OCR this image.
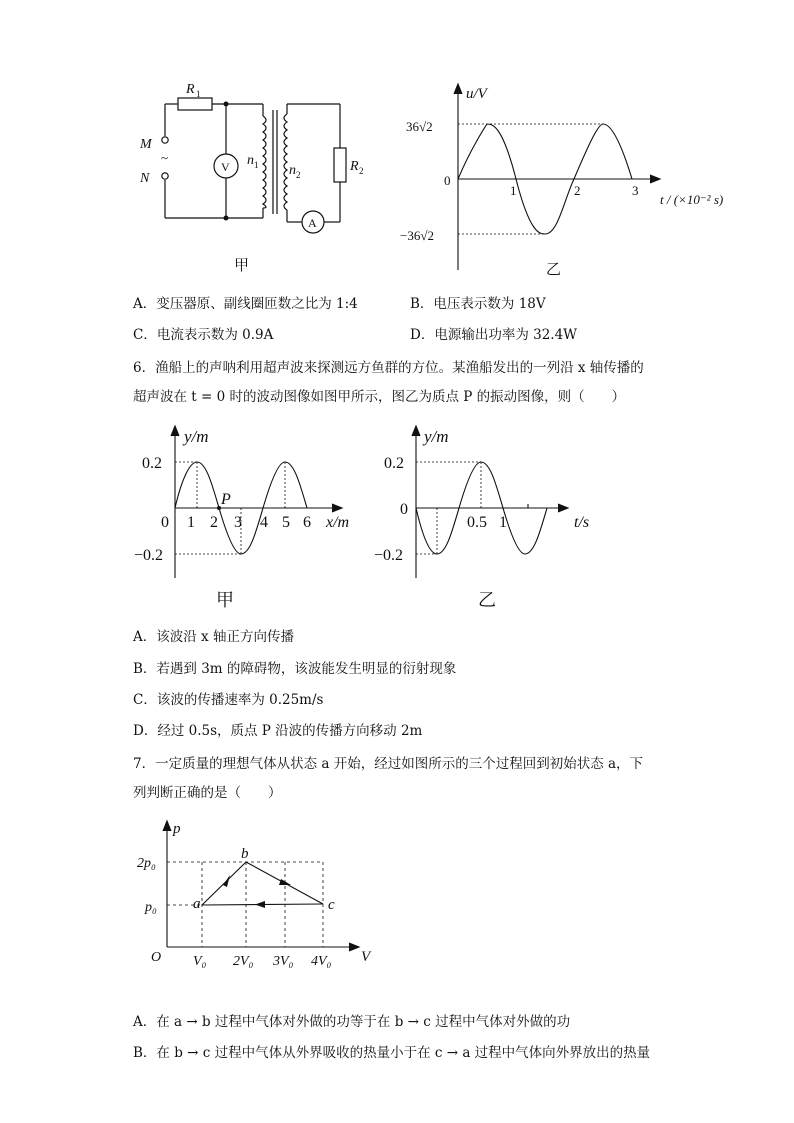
R 1
M
~
N
V n 1 n 2
R 2
A
甲
u/V
36√2
−36√2
0
1	2	3
t / (×10⁻² s)
乙
A．变压器原、副线圈匝数之比为 1:4	B．电压表示数为 18V
C．电流表示数为 0.9A	D．电源输出功率为 32.4W
6．渔船上的声呐利用超声波来探测远方鱼群的方位。某渔船发出的一列沿 x 轴传播的
超声波在 t = 0 时的波动图像如图甲所示，图乙为质点 P 的振动图像，则（　　）
y/m
0.2
−0.2
P
0 1 2 3 4 5 6 x/m
甲
y/m
0.2
−0.2
0
0.5 1	t/s
乙
A．该波沿 x 轴正方向传播
B．若遇到 3m 的障碍物，该波能发生明显的衍射现象
C．该波的传播速率为 0.25m/s
D．经过 0.5s，质点 P 沿波的传播方向移动 2m
7．一定质量的理想气体从状态 a 开始，经过如图所示的三个过程回到初始状态 a，下
列判断正确的是（　　）
p
2p₀
p₀
O V₀ 2V₀ 3V₀ 4V₀ V
a
b
c
A．在 a → b 过程中气体对外做的功等于在 b → c 过程中气体对外做的功
B．在 b → c 过程中气体从外界吸收的热量小于在 c → a 过程中气体向外界放出的热量
